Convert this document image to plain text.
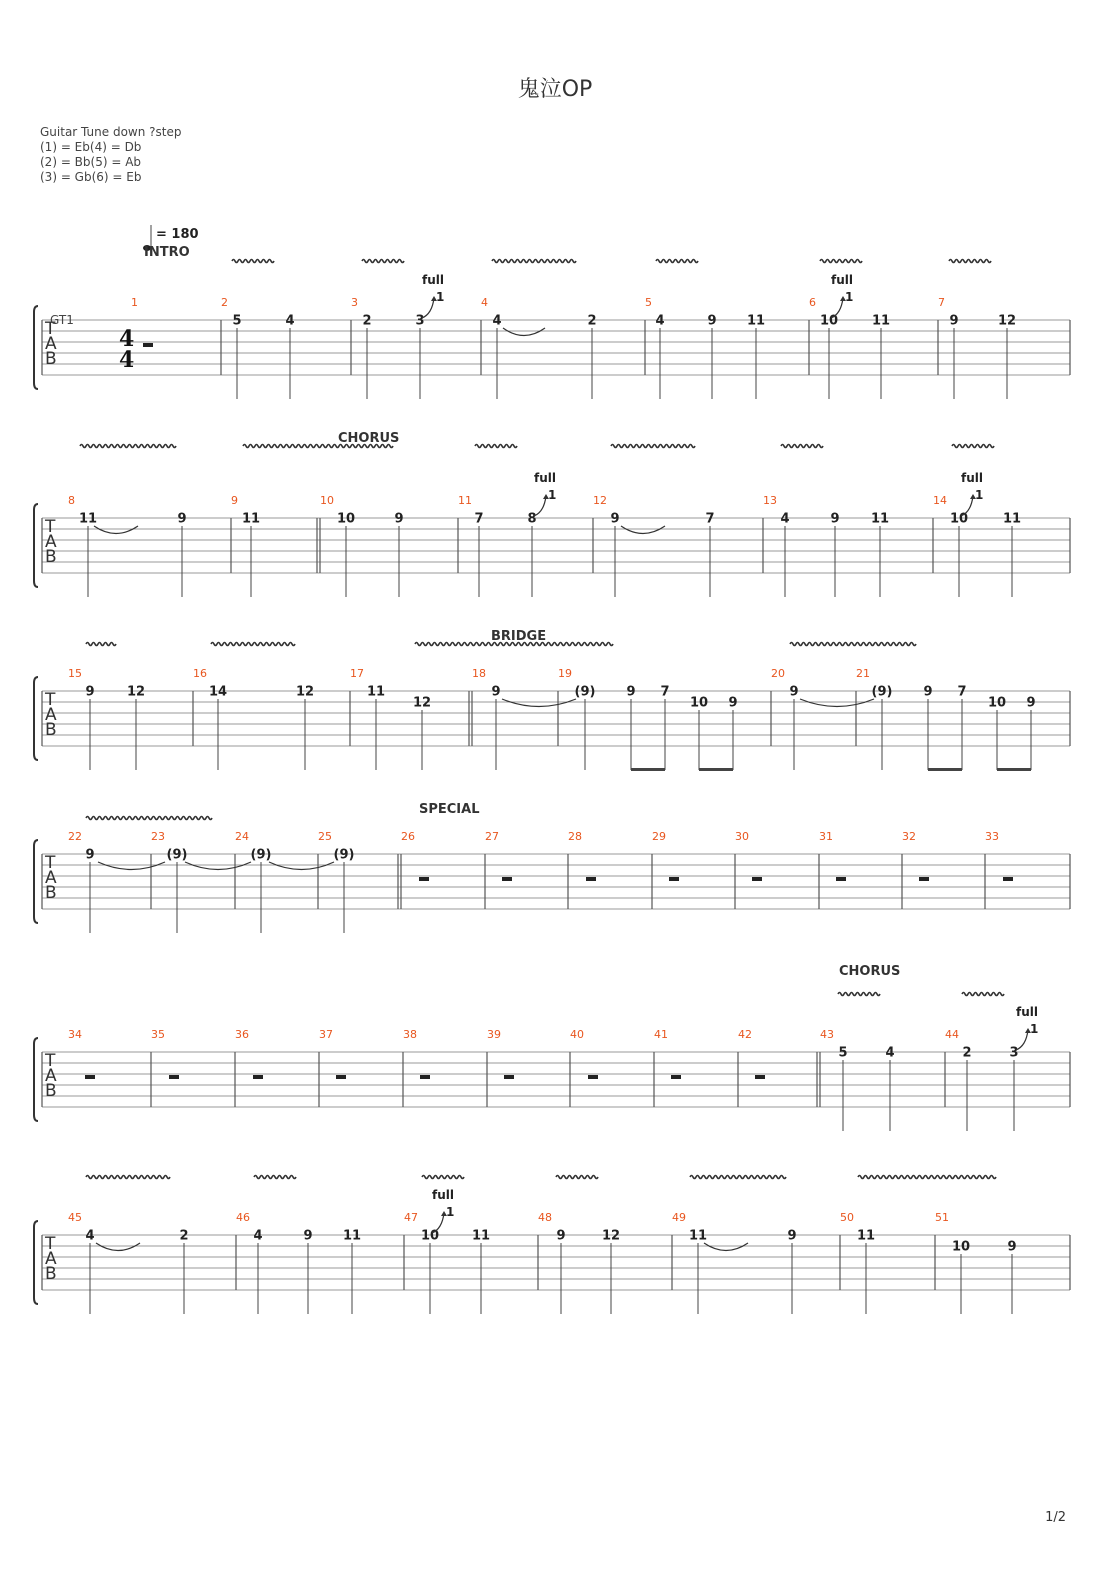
鬼泣OP
Guitar Tune down ?step
(1) = Eb(4) = Db
(2) = Bb(5) = Ab
(3) = Gb(6) = Eb
1/2
T
A
B
1	2	3	4	5	6	7
5	4	2	3	4	2	4	9 11	10	11	9	12
1
full
1
full
T
A
B
8	9	10	11	12	13	14
11	9	11	10	9	7	8	9	7	4	9 11	10	11
1
full
1
full
T
A
B
15	16	17	18	19	20	21
9 12	14	12	11
12
9	(9) 9 7
10 9
9	(9) 9 7
10 9
T
A
B
22	23	24	25	26	27	28	29	30	31	32	33
9	(9)	(9)	(9)
T
A
B
34	35	36	37	38	39	40	41	42	43	44
5	4	2	3
1
full
T
A
B
45	46	47	48	49	50	51
4	2	4	9 11	10	11	9	12	11	9	11
10	9
1
full
GT1
4
4
= 180
INTRO
CHORUS
BRIDGE
SPECIAL
CHORUS
